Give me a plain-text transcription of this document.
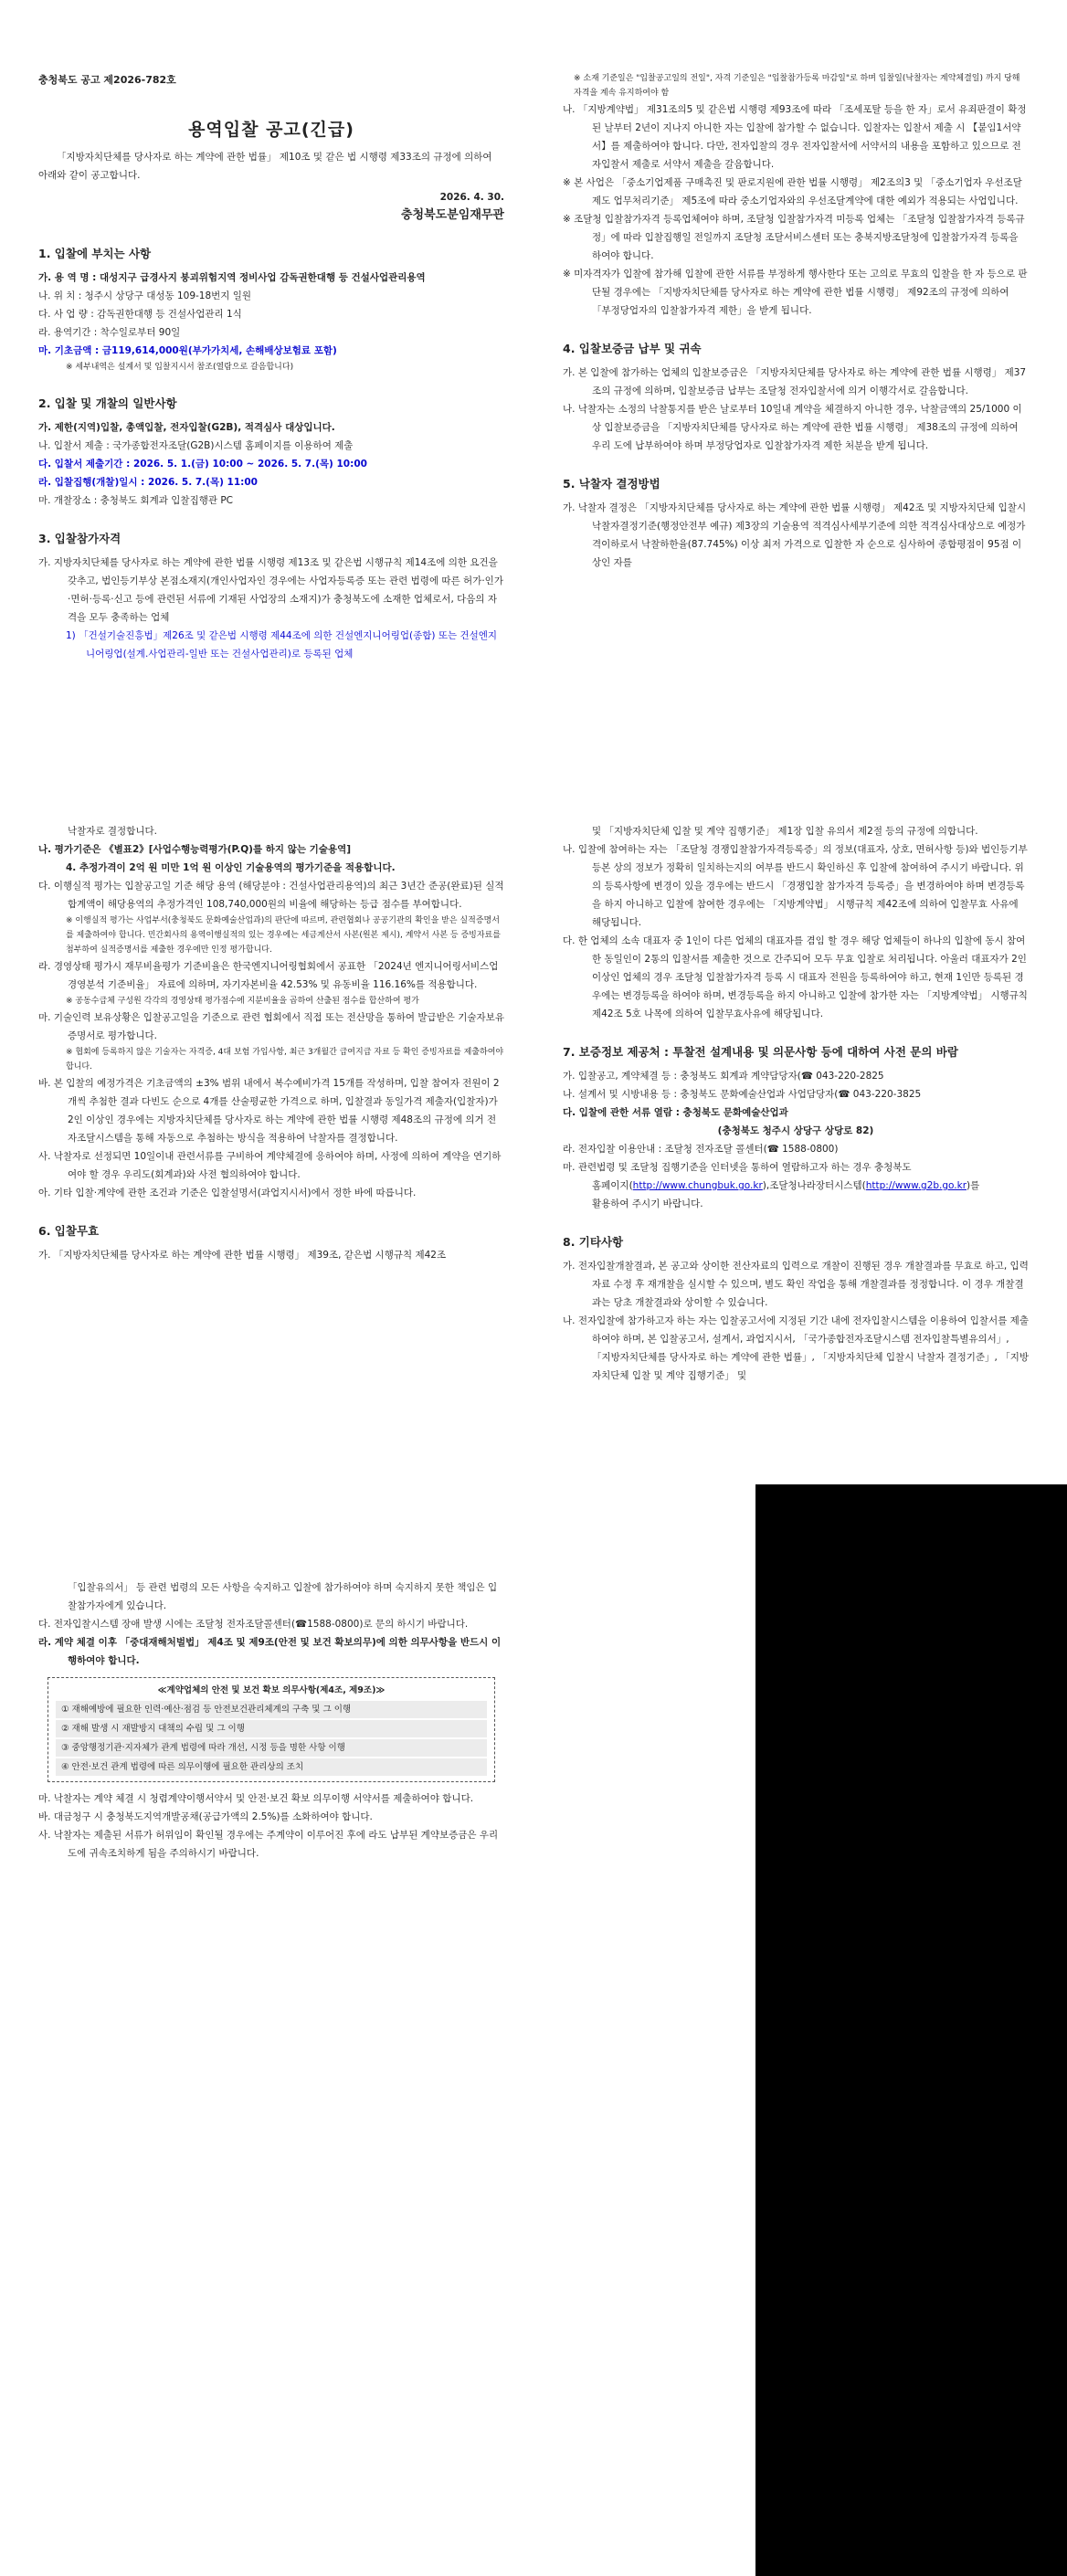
충청북도 공고 제2026-782호
용역입찰 공고(긴급)
「지방자치단체를 당사자로 하는 계약에 관한 법률」 제10조 및 같은 법 시행령 제33조의 규정에 의하여 아래와 같이 공고합니다.
2026. 4. 30.
충청북도분임재무관
1. 입찰에 부치는 사항
가. 용 역 명 : 대성지구 급경사지 붕괴위험지역 정비사업 감독권한대행 등 건설사업관리용역
나. 위 치 : 청주시 상당구 대성동 109-18번지 일원
다. 사 업 량 : 감독권한대행 등 건설사업관리 1식
라. 용역기간 : 착수일로부터 90일
마. 기초금액 : 금119,614,000원(부가가치세, 손해배상보험료 포함)
※ 세부내역은 설계서 및 입찰지시서 참조(열람으로 갈음합니다)
2. 입찰 및 개찰의 일반사항
가. 제한(지역)입찰, 총액입찰, 전자입찰(G2B), 적격심사 대상입니다.
나. 입찰서 제출 : 국가종합전자조달(G2B)시스템 홈페이지를 이용하여 제출
다. 입찰서 제출기간 : 2026. 5. 1.(금) 10:00 ~ 2026. 5. 7.(목) 10:00
라. 입찰집행(개찰)일시 : 2026. 5. 7.(목) 11:00
마. 개찰장소 : 충청북도 회계과 입찰집행관 PC
3. 입찰참가자격
가. 지방자치단체를 당사자로 하는 계약에 관한 법률 시행령 제13조 및 같은법 시행규칙 제14조에 의한 요건을 갖추고, 법인등기부상 본점소재지(개인사업자인 경우에는 사업자등록증 또는 관련 법령에 따른 허가·인가·면허·등록·신고 등에 관련된 서류에 기재된 사업장의 소재지)가 충청북도에 소재한 업체로서, 다음의 자격을 모두 충족하는 업체
1) 「건설기술진흥법」제26조 및 같은법 시행령 제44조에 의한 건설엔지니어링업(종합) 또는 건설엔지니어링업(설계.사업관리-일반 또는 건설사업관리)로 등록된 업체
※ 소재 기준일은 "입찰공고일의 전일", 자격 기준일은 "입찰참가등록 마감일"로 하며 입찰일(낙찰자는 계약체결일) 까지 당해 자격을 계속 유지하여야 함
나. 「지방계약법」 제31조의5 및 같은법 시행령 제93조에 따라 「조세포탈 등을 한 자」로서 유죄판결이 확정된 날부터 2년이 지나지 아니한 자는 입찰에 참가할 수 없습니다. 입찰자는 입찰서 제출 시 【붙임1서약서】를 제출하여야 합니다. 다만, 전자입찰의 경우 전자입찰서에 서약서의 내용을 포함하고 있으므로 전자입찰서 제출로 서약서 제출을 갈음합니다.
※ 본 사업은 「중소기업제품 구매촉진 및 판로지원에 관한 법률 시행령」 제2조의3 및 「중소기업자 우선조달제도 업무처리기준」 제5조에 따라 중소기업자와의 우선조달계약에 대한 예외가 적용되는 사업입니다.
※ 조달청 입찰참가자격 등록업체여야 하며, 조달청 입찰참가자격 미등록 업체는 「조달청 입찰참가자격 등록규정」에 따라 입찰집행일 전일까지 조달청 조달서비스센터 또는 충북지방조달청에 입찰참가자격 등록을 하여야 합니다.
※ 미자격자가 입찰에 참가해 입찰에 관한 서류를 부정하게 행사한다 또는 고의로 무효의 입찰을 한 자 등으로 판단될 경우에는 「지방자치단체를 당사자로 하는 계약에 관한 법률 시행령」 제92조의 규정에 의하여 「부정당업자의 입찰참가자격 제한」을 받게 됩니다.
4. 입찰보증금 납부 및 귀속
가. 본 입찰에 참가하는 업체의 입찰보증금은 「지방자치단체를 당사자로 하는 계약에 관한 법률 시행령」 제37조의 규정에 의하며, 입찰보증금 납부는 조달청 전자입찰서에 의거 이행각서로 갈음합니다.
나. 낙찰자는 소정의 낙찰통지를 받은 날로부터 10일내 계약을 체결하지 아니한 경우, 낙찰금액의 25/1000 이상 입찰보증금을 「지방자치단체를 당사자로 하는 계약에 관한 법률 시행령」 제38조의 규정에 의하여 우리 도에 납부하여야 하며 부정당업자로 입찰참가자격 제한 처분을 받게 됩니다.
5. 낙찰자 결정방법
가. 낙찰자 결정은 「지방자치단체를 당사자로 하는 계약에 관한 법률 시행령」 제42조 및 지방자치단체 입찰시 낙찰자결정기준(행정안전부 예규) 제3장의 기술용역 적격심사세부기준에 의한 적격심사대상으로 예정가격이하로서 낙찰하한율(87.745%) 이상 최저 가격으로 입찰한 자 순으로 심사하여 종합평점이 95점 이상인 자를
낙찰자로 결정합니다.
나. 평가기준은 《별표2》[사업수행능력평가(P.Q)를 하지 않는 기술용역]
4. 추정가격이 2억 원 미만 1억 원 이상인 기술용역의 평가기준을 적용합니다.
다. 이행실적 평가는 입찰공고일 기준 해당 용역 (해당분야 : 건설사업관리용역)의 최근 3년간 준공(완료)된 실적합계액이 해당용역의 추정가격인 108,740,000원의 비율에 해당하는 등급 점수를 부여합니다.
※ 이행실적 평가는 사업부서(충청북도 문화예술산업과)의 판단에 따르며, 관련협회나 공공기관의 확인을 받은 실적증명서를 제출하여야 합니다. 민간회사의 용역이행실적의 있는 경우에는 세금계산서 사본(원본 제시), 계약서 사본 등 증빙자료를 첨부하여 실적증명서를 제출한 경우에만 인정 평가합니다.
라. 경영상태 평가시 재무비율평가 기준비율은 한국엔지니어링협회에서 공표한 「2024년 엔지니어링서비스업 경영분석 기준비율」 자료에 의하며, 자기자본비율 42.53% 및 유동비율 116.16%를 적용합니다.
※ 공동수급체 구성원 각각의 경영상태 평가점수에 지분비율을 곱하여 산출된 점수를 합산하여 평가
마. 기술인력 보유상황은 입찰공고일을 기준으로 관련 협회에서 직접 또는 전산망을 통하여 발급받은 기술자보유증명서로 평가합니다.
※ 협회에 등록하지 않은 기술자는 자격증, 4대 보험 가입사항, 최근 3개월간 급여지급 자료 등 확인 증빙자료를 제출하여야 합니다.
바. 본 입찰의 예정가격은 기초금액의 ±3% 범위 내에서 복수예비가격 15개를 작성하며, 입찰 참여자 전원이 2개씩 추첨한 결과 다빈도 순으로 4개를 산술평균한 가격으로 하며, 입찰결과 동일가격 제출자(입찰자)가 2인 이상인 경우에는 지방자치단체를 당사자로 하는 계약에 관한 법률 시행령 제48조의 규정에 의거 전자조달시스템을 통해 자동으로 추첨하는 방식을 적용하여 낙찰자를 결정합니다.
사. 낙찰자로 선정되면 10일이내 관련서류를 구비하여 계약체결에 응하여야 하며, 사정에 의하여 계약을 연기하여야 할 경우 우리도(회계과)와 사전 협의하여야 합니다.
아. 기타 입찰·계약에 관한 조건과 기준은 입찰설명서(과업지시서)에서 정한 바에 따릅니다.
6. 입찰무효
가. 「지방자치단체를 당사자로 하는 계약에 관한 법률 시행령」 제39조, 같은법 시행규칙 제42조
및 「지방자치단체 입찰 및 계약 집행기준」 제1장 입찰 유의서 제2절 등의 규정에 의합니다.
나. 입찰에 참여하는 자는 「조달청 경쟁입찰참가자격등록증」의 정보(대표자, 상호, 면허사항 등)와 법인등기부등본 상의 정보가 정확히 일치하는지의 여부를 반드시 확인하신 후 입찰에 참여하여 주시기 바랍니다. 위의 등록사항에 변경이 있을 경우에는 반드시 「경쟁입찰 참가자격 등록증」을 변경하여야 하며 변경등록을 하지 아니하고 입찰에 참여한 경우에는 「지방계약법」 시행규칙 제42조에 의하여 입찰무효 사유에 해당됩니다.
다. 한 업체의 소속 대표자 중 1인이 다른 업체의 대표자를 겸임 할 경우 해당 업체들이 하나의 입찰에 동시 참여한 동일인이 2통의 입찰서를 제출한 것으로 간주되어 모두 무효 입찰로 처리됩니다. 아울러 대표자가 2인 이상인 업체의 경우 조달청 입찰참가자격 등록 시 대표자 전원을 등록하여야 하고, 현재 1인만 등록된 경우에는 변경등록을 하여야 하며, 변경등록을 하지 아니하고 입찰에 참가한 자는 「지방계약법」 시행규칙 제42조 5호 나목에 의하여 입찰무효사유에 해당됩니다.
7. 보증정보 제공처 : 투찰전 설계내용 및 의문사항 등에 대하여 사전 문의 바람
가. 입찰공고, 계약체결 등 : 충청북도 회계과 계약담당자(☎ 043-220-2825
나. 설계서 및 시방내용 등 : 충청북도 문화예술산업과 사업담당자(☎ 043-220-3825
다. 입찰에 관한 서류 열람 : 충청북도 문화예술산업과
(충청북도 청주시 상당구 상당로 82)
라. 전자입찰 이용안내 : 조달청 전자조달 콜센터(☎ 1588-0800)
마. 관련법령 및 조달청 집행기준을 인터넷을 통하여 열람하고자 하는 경우 충청북도
홈페이지(http://www.chungbuk.go.kr),조달청나라장터시스템(http://www.g2b.go.kr)를
활용하여 주시기 바랍니다.
8. 기타사항
가. 전자입찰개찰결과, 본 공고와 상이한 전산자료의 입력으로 개찰이 진행된 경우 개찰결과를 무효로 하고, 입력 자료 수정 후 재개찰을 실시할 수 있으며, 별도 확인 작업을 통해 개찰결과를 정정합니다. 이 경우 개찰결과는 당초 개찰결과와 상이할 수 있습니다.
나. 전자입찰에 참가하고자 하는 자는 입찰공고서에 지정된 기간 내에 전자입찰시스템을 이용하여 입찰서를 제출하여야 하며, 본 입찰공고서, 설계서, 과업지시서, 「국가종합전자조달시스템 전자입찰특별유의서」, 「지방자치단체를 당사자로 하는 계약에 관한 법률」, 「지방자치단체 입찰시 낙찰자 결정기준」, 「지방자치단체 입찰 및 계약 집행기준」 및
「입찰유의서」 등 관련 법령의 모든 사항을 숙지하고 입찰에 참가하여야 하며 숙지하지 못한 책임은 입찰참가자에게 있습니다.
다. 전자입찰시스템 장애 발생 시에는 조달청 전자조달콜센터(☎1588-0800)로 문의 하시기 바랍니다.
라. 계약 체결 이후 「중대재해처벌법」 제4조 및 제9조(안전 및 보건 확보의무)에 의한 의무사항을 반드시 이행하여야 합니다.
≪계약업체의 안전 및 보건 확보 의무사항(제4조, 제9조)≫
① 재해예방에 필요한 인력·예산·점검 등 안전보건관리체계의 구축 및 그 이행
② 재해 발생 시 재발방지 대책의 수립 및 그 이행
③ 중앙행정기관·지자체가 관계 법령에 따라 개선, 시정 등을 명한 사항 이행
④ 안전·보건 관계 법령에 따른 의무이행에 필요한 관리상의 조치
마. 낙찰자는 계약 체결 시 청렴계약이행서약서 및 안전·보건 확보 의무이행 서약서를 제출하여야 합니다.
바. 대금청구 시 충청북도지역개발공채(공급가액의 2.5%)를 소화하여야 합니다.
사. 낙찰자는 제출된 서류가 허위임이 확인될 경우에는 주계약이 이루어진 후에 라도 납부된 계약보증금은 우리 도에 귀속조치하게 됨을 주의하시기 바랍니다.
